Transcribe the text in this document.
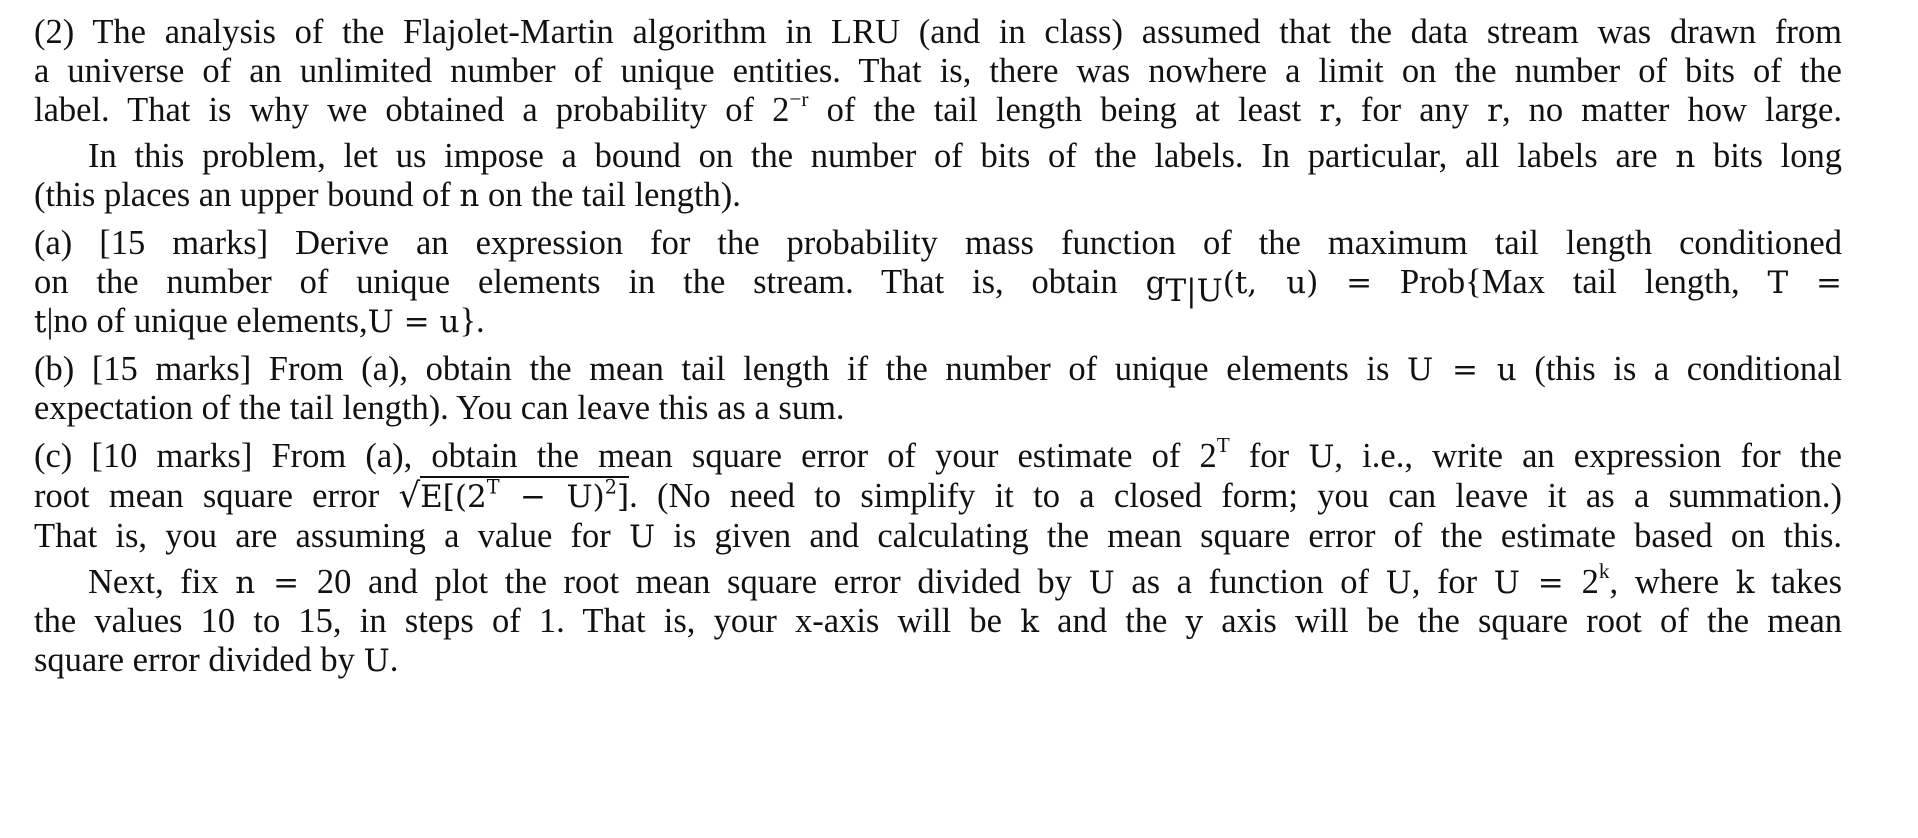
(2) The analysis of the Flajolet-Martin algorithm in LRU (and in class) assumed that the data stream was drawn from
a universe of an unlimited number of unique entities. That is, there was nowhere a limit on the number of bits of the
label. That is why we obtained a probability of $2^{-r}$ of the tail length being at least r, for any r, no matter how large.
In this problem, let us impose a bound on the number of bits of the labels. In particular, all labels are n bits long
(this places an upper bound of n on the tail length).
(a) [15 marks] Derive an expression for the probability mass function of the maximum tail length conditioned
on the number of unique elements in the stream. That is, obtain $g_{T|U}(t$, u) = Prob{Max tail length, T =
t|no of unique elements,U = u}.
(b) [15 marks] From (a), obtain the mean tail length if the number of unique elements is U = u (this is a conditional
expectation of the tail length). You can leave this as a sum.
(c) [10 marks] From (a), obtain the mean square error of your estimate of $2^T$ for U, i.e., write an expression for the
root mean square error $√E[(2^T - U)^2]$. (No need to simplify it to a closed form; you can leave it as a summation.)
That is, you are assuming a value for U is given and calculating the mean square error of the estimate based on this.
Next, fix n = 20 and plot the root mean square error divided by U as a function of U, for $U = 2^k$, where k takes
the values 10 to 15, in steps of 1. That is, your x-axis will be k and the y axis will be the square root of the mean
square error divided by U.
